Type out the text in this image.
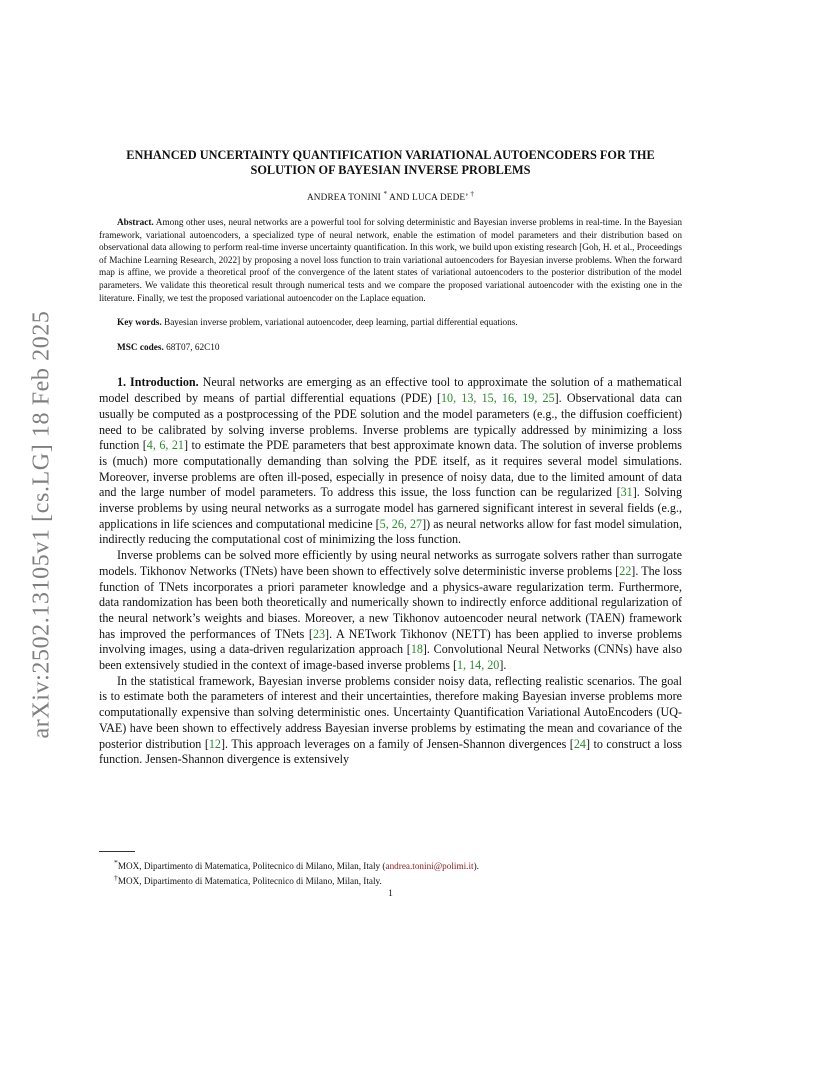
arXiv:2502.13105v1 [cs.LG] 18 Feb 2025
ENHANCED UNCERTAINTY QUANTIFICATION VARIATIONAL AUTOENCODERS FOR THE
SOLUTION OF BAYESIAN INVERSE PROBLEMS
ANDREA TONINI * AND LUCA DEDE’ †
Abstract. Among other uses, neural networks are a powerful tool for solving deterministic and Bayesian inverse problems in real-time. In the Bayesian framework, variational autoencoders, a specialized type of neural network, enable the estimation of model parameters and their distribution based on observational data allowing to perform real-time inverse uncertainty quantification. In this work, we build upon existing research [Goh, H. et al., Proceedings of Machine Learning Research, 2022] by proposing a novel loss function to train variational autoencoders for Bayesian inverse problems. When the forward map is affine, we provide a theoretical proof of the convergence of the latent states of variational autoencoders to the posterior distribution of the model parameters. We validate this theoretical result through numerical tests and we compare the proposed variational autoencoder with the existing one in the literature. Finally, we test the proposed variational autoencoder on the Laplace equation.
Key words. Bayesian inverse problem, variational autoencoder, deep learning, partial differential equations.
MSC codes. 68T07, 62C10

1. Introduction. Neural networks are emerging as an effective tool to approximate the solution of a mathematical model described by means of partial differential equations (PDE) [10, 13, 15, 16, 19, 25]. Observational data can usually be computed as a postprocessing of the PDE solution and the model parameters (e.g., the diffusion coefficient) need to be calibrated by solving inverse problems. Inverse problems are typically addressed by minimizing a loss function [4, 6, 21] to estimate the PDE parameters that best approximate known data. The solution of inverse problems is (much) more computationally demanding than solving the PDE itself, as it requires several model simulations. Moreover, inverse problems are often ill-posed, especially in presence of noisy data, due to the limited amount of data and the large number of model parameters. To address this issue, the loss function can be regularized [31]. Solving inverse problems by using neural networks as a surrogate model has garnered significant interest in several fields (e.g., applications in life sciences and computational medicine [5, 26, 27]) as neural networks allow for fast model simulation, indirectly reducing the computational cost of minimizing the loss function.

Inverse problems can be solved more efficiently by using neural networks as surrogate solvers rather than surrogate models. Tikhonov Networks (TNets) have been shown to effectively solve deterministic inverse problems [22]. The loss function of TNets incorporates a priori parameter knowledge and a physics-aware regularization term. Furthermore, data randomization has been both theoretically and numerically shown to indirectly enforce additional regularization of the neural network’s weights and biases. Moreover, a new Tikhonov autoencoder neural network (TAEN) framework has improved the performances of TNets [23]. A NETwork Tikhonov (NETT) has been applied to inverse problems involving images, using a data-driven regularization approach [18]. Convolutional Neural Networks (CNNs) have also been extensively studied in the context of image-based inverse problems [1, 14, 20].

In the statistical framework, Bayesian inverse problems consider noisy data, reflecting realistic scenarios. The goal is to estimate both the parameters of interest and their uncertainties, therefore making Bayesian inverse problems more computationally expensive than solving deterministic ones. Uncertainty Quantification Variational AutoEncoders (UQ-VAE) have been shown to effectively address Bayesian inverse problems by estimating the mean and covariance of the posterior distribution [12]. This approach leverages on a family of Jensen-Shannon divergences [24] to construct a loss function. Jensen-Shannon divergence is extensively

*MOX, Dipartimento di Matematica, Politecnico di Milano, Milan, Italy (andrea.tonini@polimi.it).
†MOX, Dipartimento di Matematica, Politecnico di Milano, Milan, Italy.
1
